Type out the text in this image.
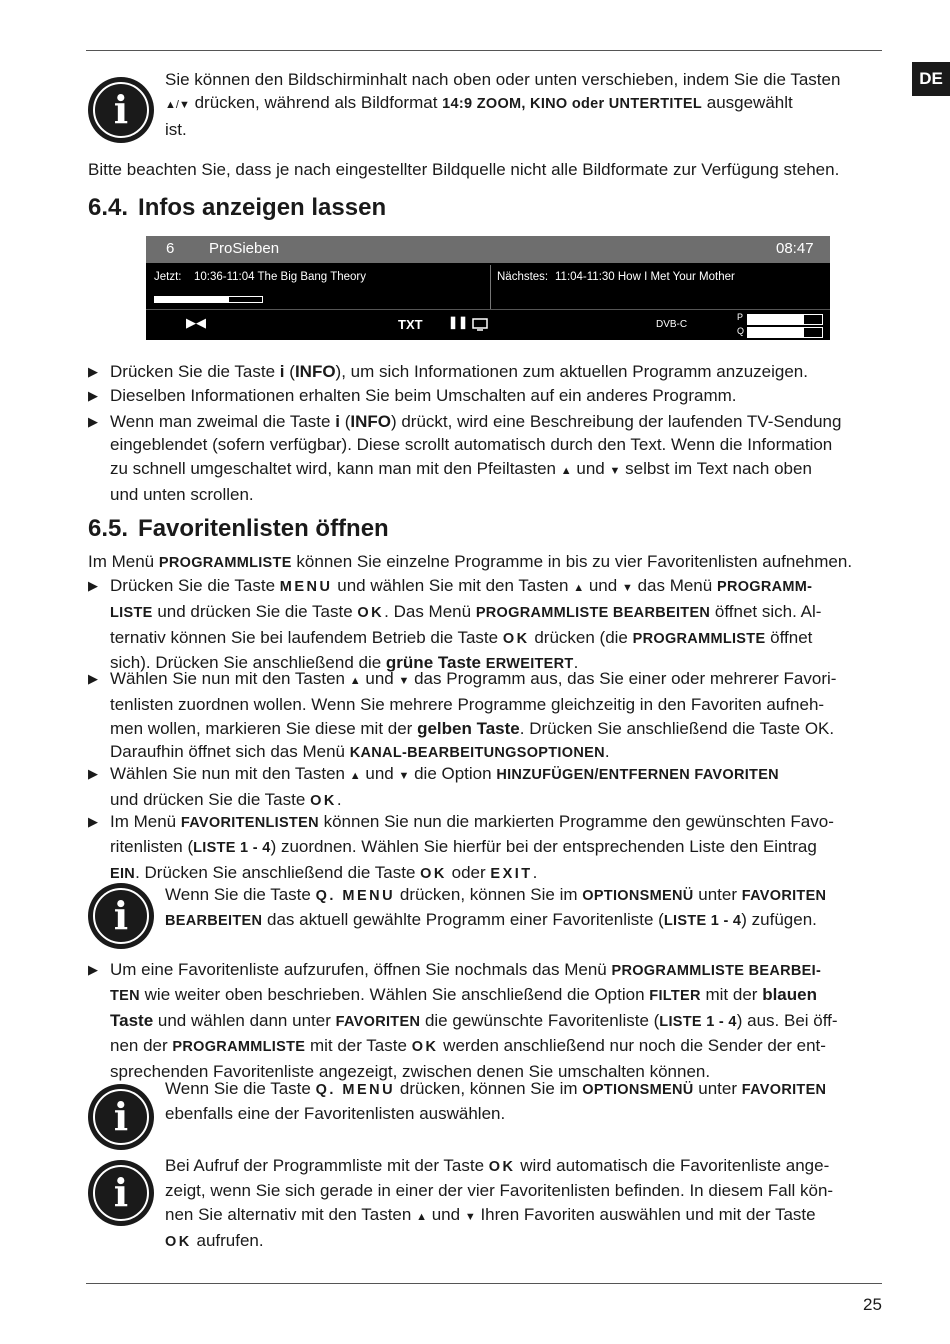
DE
i

Sie können den Bildschirminhalt nach oben oder unten verschieben, indem Sie die Tasten
▲/▼ drücken, während als Bildformat 14:9 ZOOM, KINO oder UNTERTITEL ausgewählt
ist.

Bitte beachten Sie, dass je nach eingestellter Bildquelle nicht alle Bildformate zur Verfügung stehen.

6.4. Infos anzeigen lassen
6 ProSieben	08:47
Jetzt: 10:36-11:04 The Big Bang Theory	Nächstes: 11:04-11:30 How I Met Your Mother
▶◀	TXT ❚❚	DVB-C
P
Q
▶ Drücken Sie die Taste i (INFO), um sich Informationen zum aktuellen Programm anzuzeigen.

▶ Dieselben Informationen erhalten Sie beim Umschalten auf ein anderes Programm.

▶ Wenn man zweimal die Taste i (INFO) drückt, wird eine Beschreibung der laufenden TV-Sendung
eingeblendet (sofern verfügbar). Diese scrollt automatisch durch den Text. Wenn die Information
zu schnell umgeschaltet wird, kann man mit den Pfeiltasten ▲ und ▼ selbst im Text nach oben
und unten scrollen.

6.5. Favoritenlisten öffnen

Im Menü PROGRAMMLISTE können Sie einzelne Programme in bis zu vier Favoritenlisten aufnehmen.

▶ Drücken Sie die Taste MENU und wählen Sie mit den Tasten ▲ und ▼ das Menü PROGRAMM-
LISTE und drücken Sie die Taste OK. Das Menü PROGRAMMLISTE BEARBEITEN öffnet sich. Al-
ternativ können Sie bei laufendem Betrieb die Taste OK drücken (die PROGRAMMLISTE öffnet
sich). Drücken Sie anschließend die grüne Taste ERWEITERT.

▶ Wählen Sie nun mit den Tasten ▲ und ▼ das Programm aus, das Sie einer oder mehrerer Favori-
tenlisten zuordnen wollen. Wenn Sie mehrere Programme gleichzeitig in den Favoriten aufneh-
men wollen, markieren Sie diese mit der gelben Taste. Drücken Sie anschließend die Taste OK.
Daraufhin öffnet sich das Menü KANAL-BEARBEITUNGSOPTIONEN.

▶ Wählen Sie nun mit den Tasten ▲ und ▼ die Option HINZUFÜGEN/ENTFERNEN FAVORITEN
und drücken Sie die Taste OK.

▶ Im Menü FAVORITENLISTEN können Sie nun die markierten Programme den gewünschten Favo-
ritenlisten (LISTE 1 - 4) zuordnen. Wählen Sie hierfür bei der entsprechenden Liste den Eintrag
EIN. Drücken Sie anschließend die Taste OK oder EXIT.

i	Wenn Sie die Taste Q. MENU drücken, können Sie im OPTIONSMENÜ unter FAVORITEN
BEARBEITEN das aktuell gewählte Programm einer Favoritenliste (LISTE 1 - 4) zufügen.

▶ Um eine Favoritenliste aufzurufen, öffnen Sie nochmals das Menü PROGRAMMLISTE BEARBEI-
TEN wie weiter oben beschrieben. Wählen Sie anschließend die Option FILTER mit der blauen
Taste und wählen dann unter FAVORITEN die gewünschte Favoritenliste (LISTE 1 - 4) aus. Bei öff-
nen der PROGRAMMLISTE mit der Taste OK werden anschließend nur noch die Sender der ent-
sprechenden Favoritenliste angezeigt, zwischen denen Sie umschalten können.

i

Wenn Sie die Taste Q. MENU drücken, können Sie im OPTIONSMENÜ unter FAVORITEN
ebenfalls eine der Favoritenlisten auswählen.

i

Bei Aufruf der Programmliste mit der Taste OK wird automatisch die Favoritenliste ange-
zeigt, wenn Sie sich gerade in einer der vier Favoritenlisten befinden. In diesem Fall kön-
nen Sie alternativ mit den Tasten ▲ und ▼ Ihren Favoriten auswählen und mit der Taste
OK aufrufen.

25
